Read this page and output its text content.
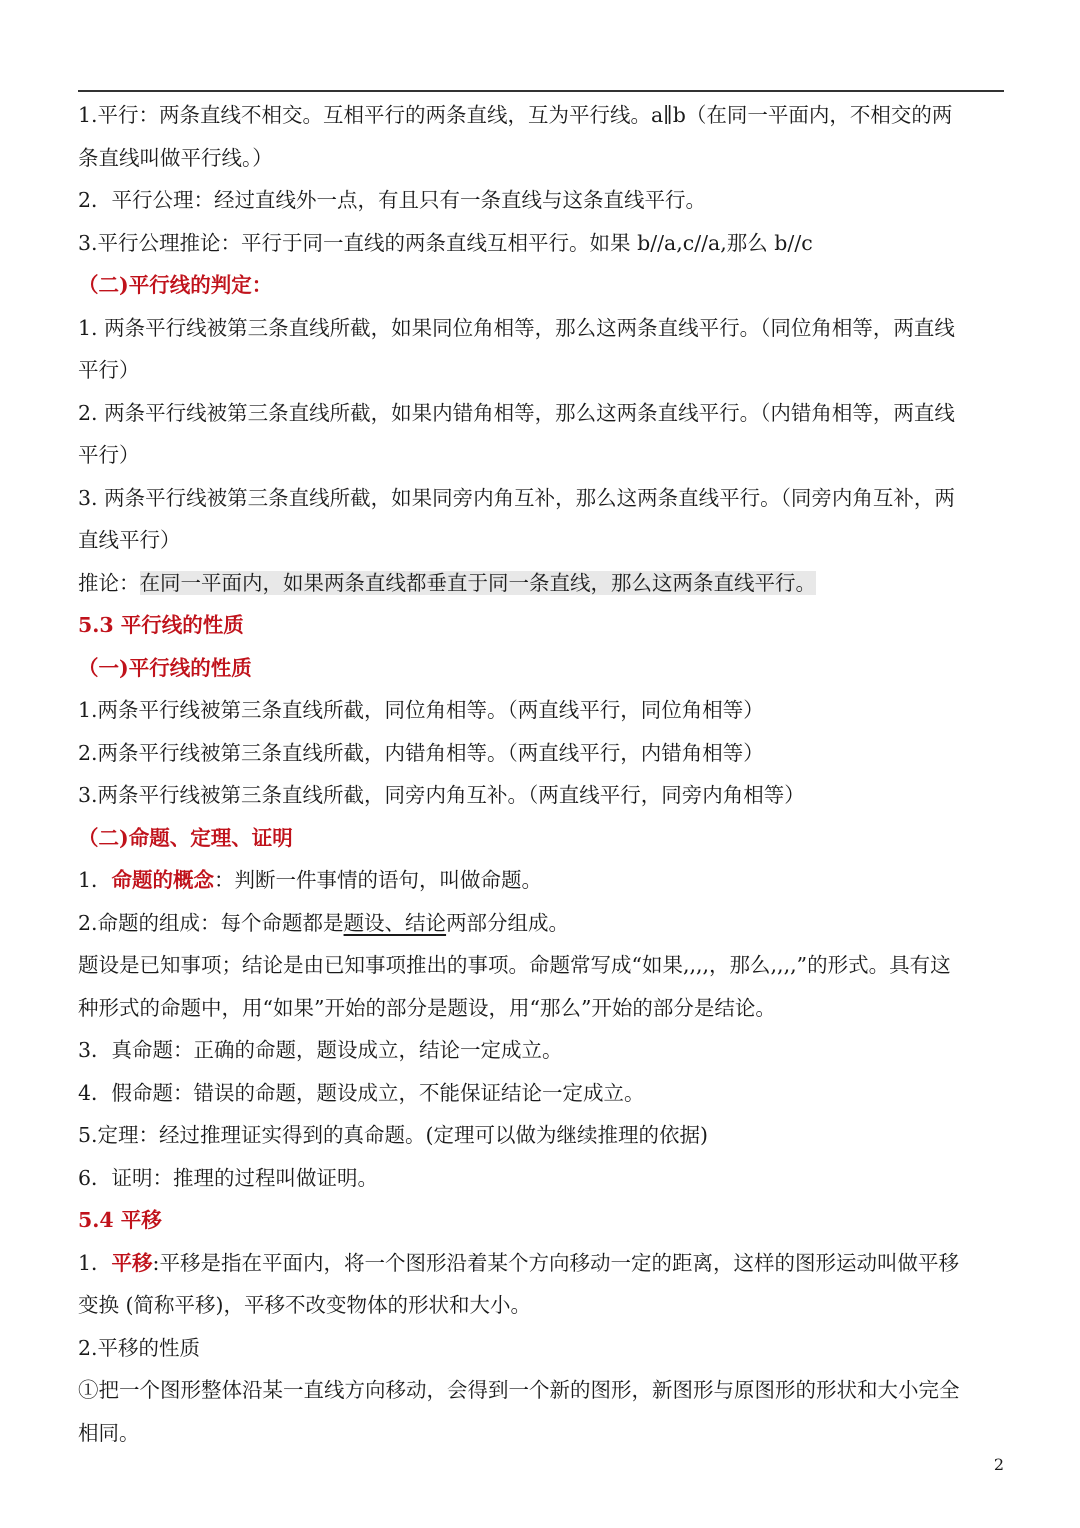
1.平行：两条直线不相交。互相平行的两条直线，互为平行线。a∥b（在同一平面内，不相交的两
条直线叫做平行线。）
2．平行公理：经过直线外一点，有且只有一条直线与这条直线平行。
3.平行公理推论：平行于同一直线的两条直线互相平行。如果 b//a,c//a,那么 b//c
（二)平行线的判定：
1. 两条平行线被第三条直线所截，如果同位角相等，那么这两条直线平行。（同位角相等，两直线
平行）
2. 两条平行线被第三条直线所截，如果内错角相等，那么这两条直线平行。（内错角相等，两直线
平行）
3. 两条平行线被第三条直线所截，如果同旁内角互补，那么这两条直线平行。（同旁内角互补，两
直线平行）
推论：在同一平面内，如果两条直线都垂直于同一条直线，那么这两条直线平行。
5.3 平行线的性质
（一)平行线的性质
1.两条平行线被第三条直线所截，同位角相等。（两直线平行，同位角相等）
2.两条平行线被第三条直线所截，内错角相等。（两直线平行，内错角相等）
3.两条平行线被第三条直线所截，同旁内角互补。（两直线平行，同旁内角相等）
（二)命题、定理、证明
1．命题的概念：判断一件事情的语句，叫做命题。
2.命题的组成：每个命题都是题设、结论两部分组成。
题设是已知事项；结论是由已知事项推出的事项。命题常写成“如果,,,,，那么,,,,”的形式。具有这
种形式的命题中，用“如果”开始的部分是题设，用“那么”开始的部分是结论。
3．真命题：正确的命题，题设成立，结论一定成立。
4．假命题：错误的命题，题设成立，不能保证结论一定成立。
5.定理：经过推理证实得到的真命题。(定理可以做为继续推理的依据)
6．证明：推理的过程叫做证明。
5.4 平移
1．平移:平移是指在平面内，将一个图形沿着某个方向移动一定的距离，这样的图形运动叫做平移
变换 (简称平移)，平移不改变物体的形状和大小。
2.平移的性质
①把一个图形整体沿某一直线方向移动，会得到一个新的图形，新图形与原图形的形状和大小完全
相同。
2
